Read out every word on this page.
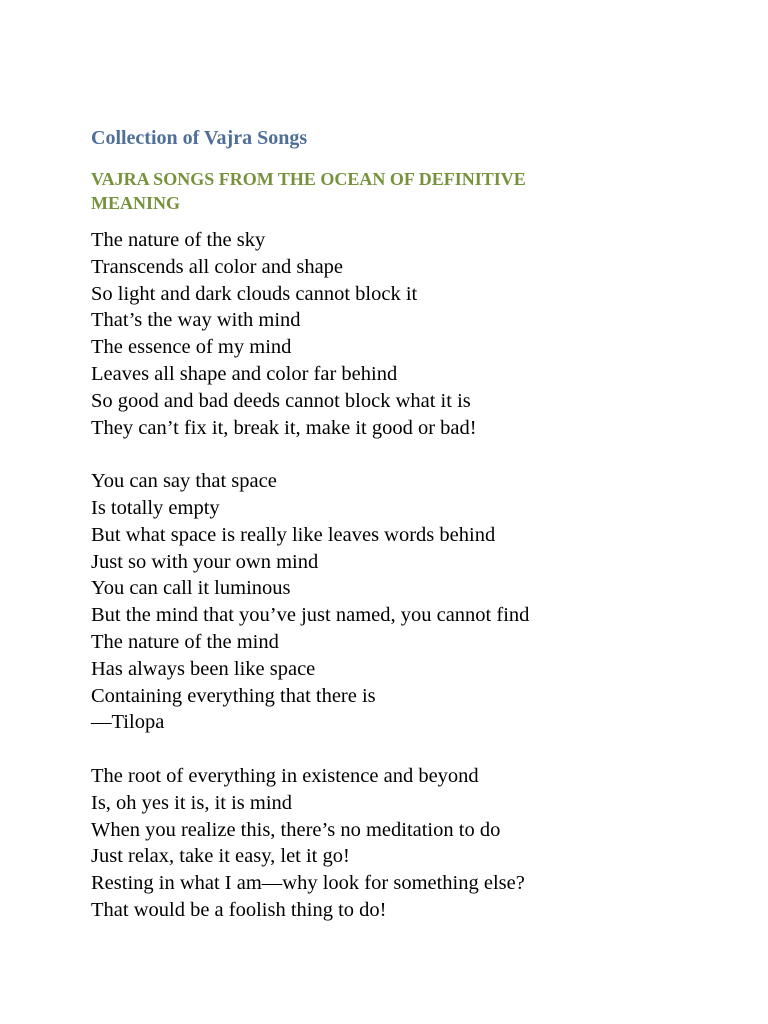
Collection of Vajra Songs
VAJRA SONGS FROM THE OCEAN OF DEFINITIVE
MEANING
The nature of the sky
Transcends all color and shape
So light and dark clouds cannot block it
That’s the way with mind
The essence of my mind
Leaves all shape and color far behind
So good and bad deeds cannot block what it is
They can’t fix it, break it, make it good or bad!
You can say that space
Is totally empty
But what space is really like leaves words behind
Just so with your own mind
You can call it luminous
But the mind that you’ve just named, you cannot find
The nature of the mind
Has always been like space
Containing everything that there is
—Tilopa
The root of everything in existence and beyond
Is, oh yes it is, it is mind
When you realize this, there’s no meditation to do
Just relax, take it easy, let it go!
Resting in what I am—why look for something else?
That would be a foolish thing to do!
